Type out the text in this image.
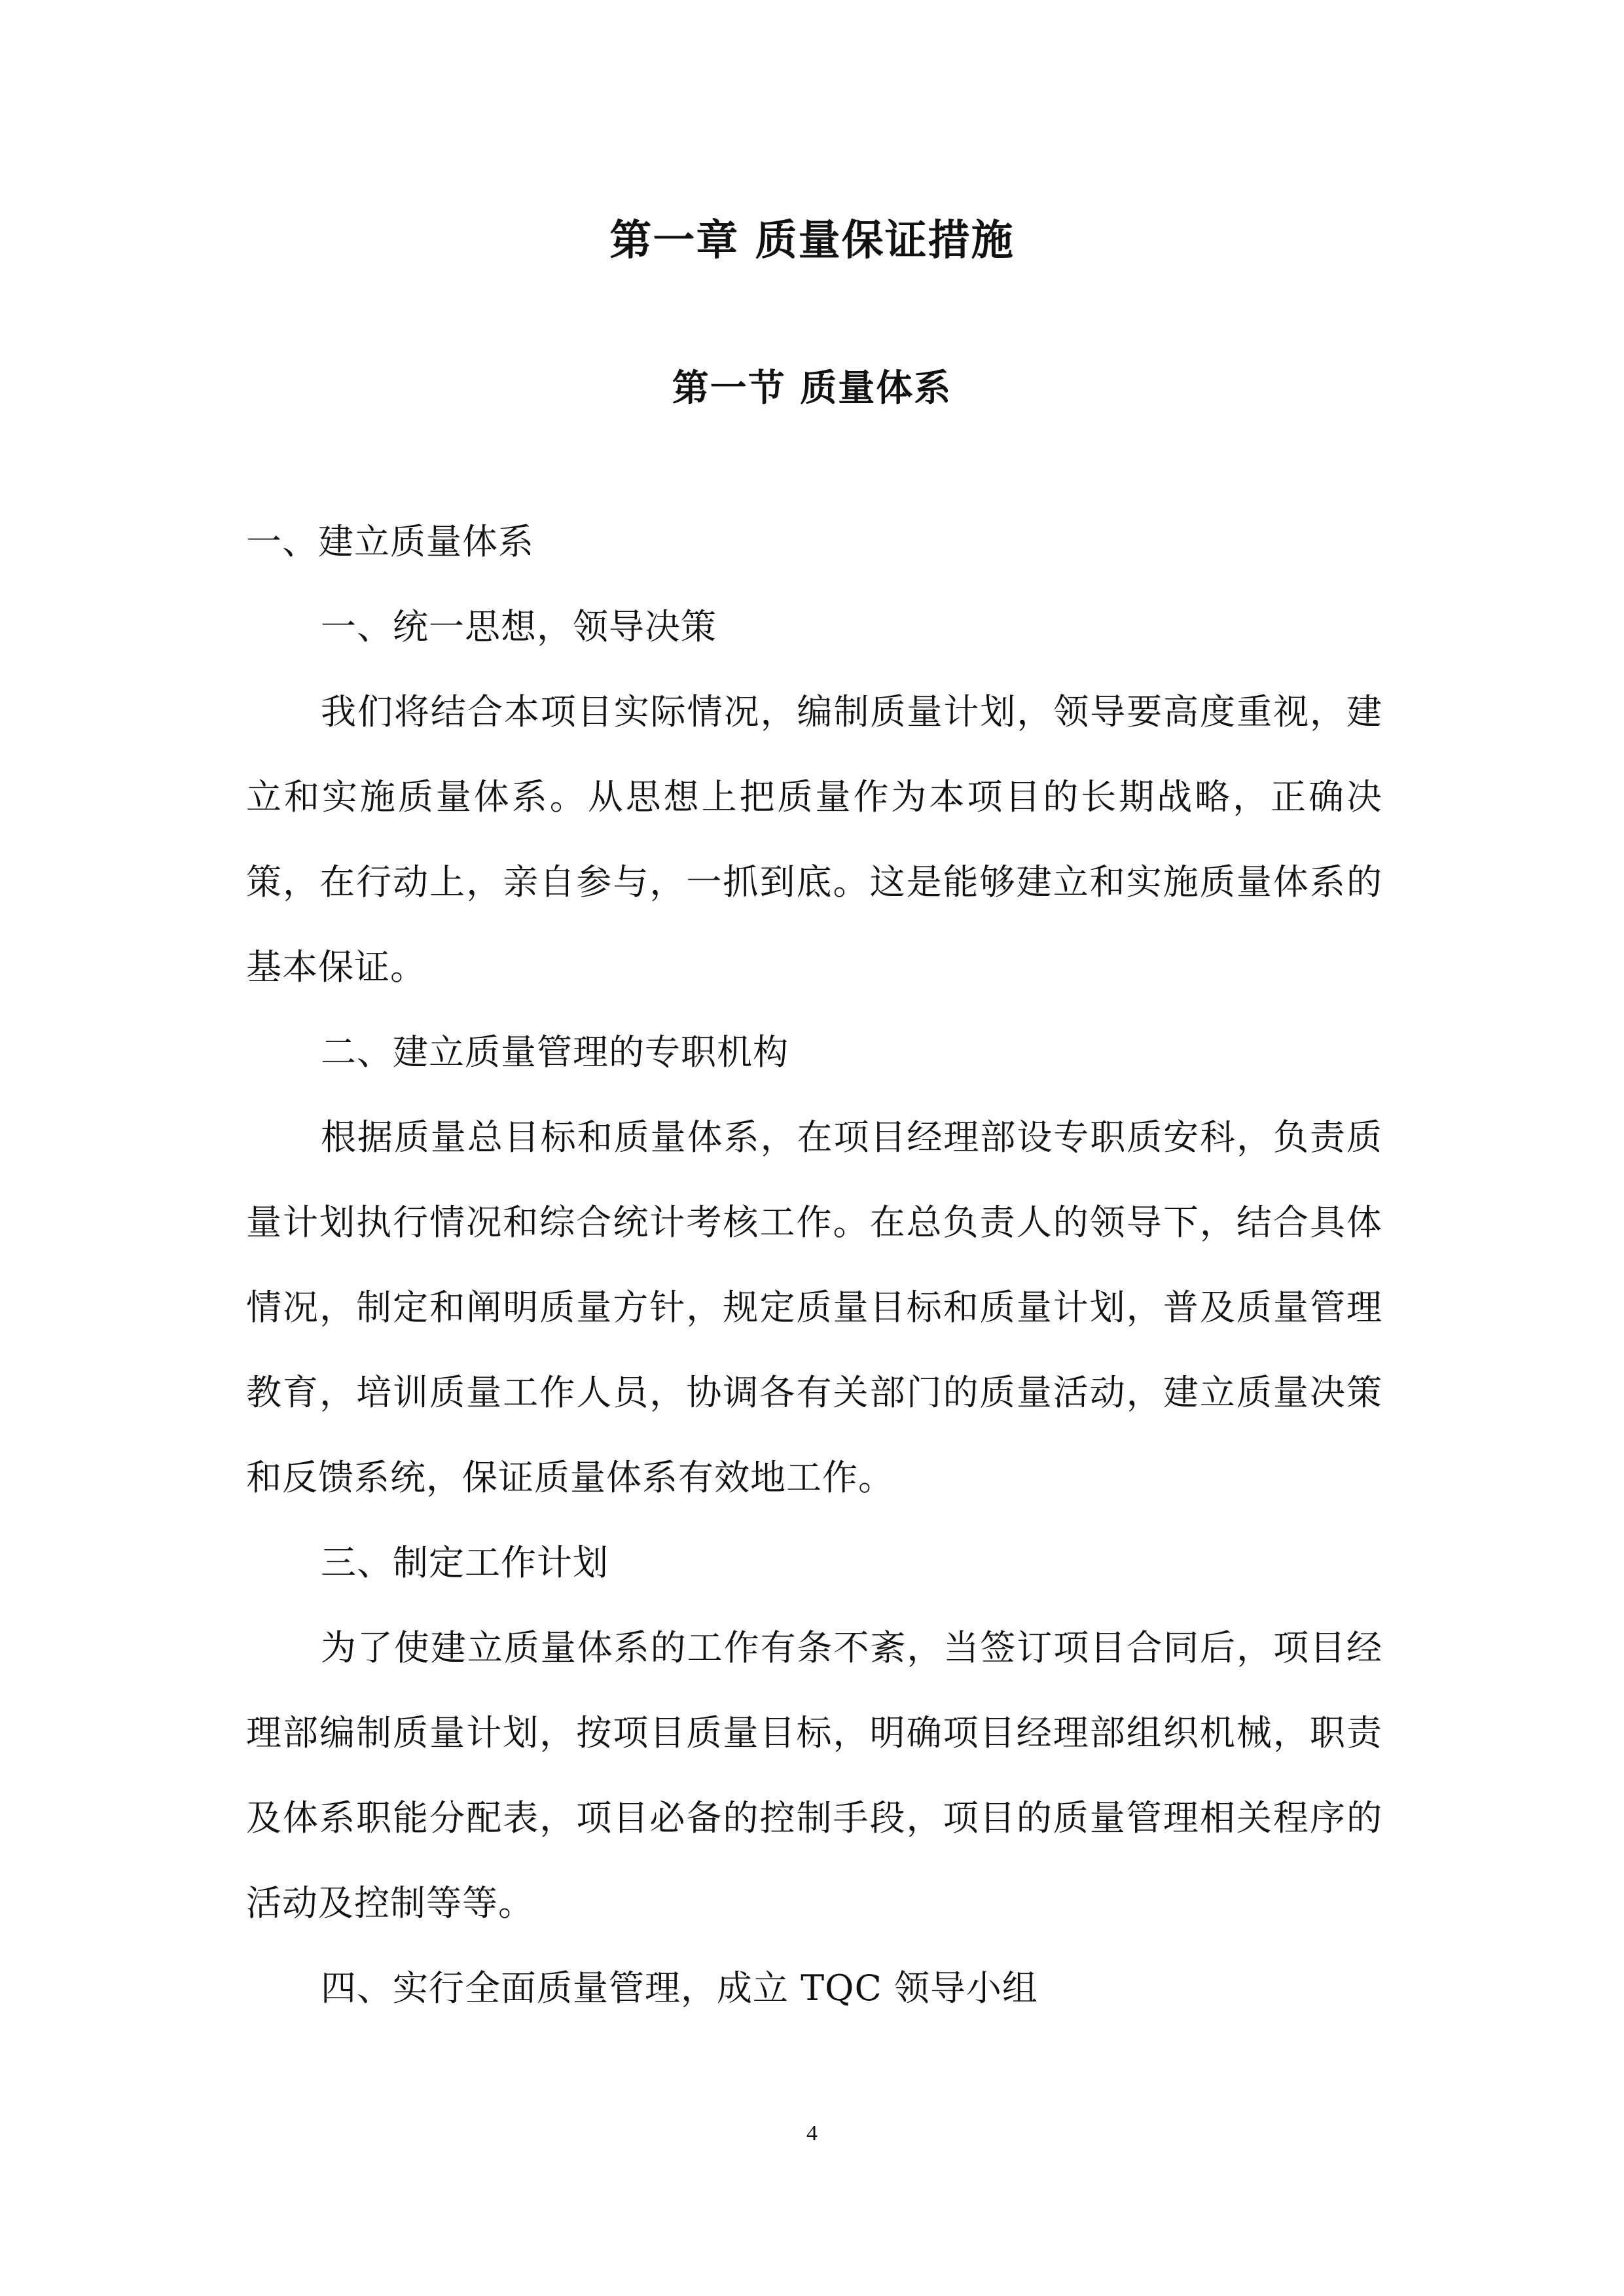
第一章 质量保证措施
第一节 质量体系

一、建立质量体系

一、统一思想，领导决策

我们将结合本项目实际情况，编制质量计划，领导要高度重视，建立和实施质量体系。从思想上把质量作为本项目的长期战略，正确决策，在行动上，亲自参与，一抓到底。这是能够建立和实施质量体系的基本保证。

二、建立质量管理的专职机构

根据质量总目标和质量体系，在项目经理部设专职质安科，负责质量计划执行情况和综合统计考核工作。在总负责人的领导下，结合具体情况，制定和阐明质量方针，规定质量目标和质量计划，普及质量管理教育，培训质量工作人员，协调各有关部门的质量活动，建立质量决策和反馈系统，保证质量体系有效地工作。

三、制定工作计划

为了使建立质量体系的工作有条不紊，当签订项目合同后，项目经理部编制质量计划，按项目质量目标，明确项目经理部组织机械，职责及体系职能分配表，项目必备的控制手段，项目的质量管理相关程序的活动及控制等等。

四、实行全面质量管理，成立 TQC 领导小组

4
